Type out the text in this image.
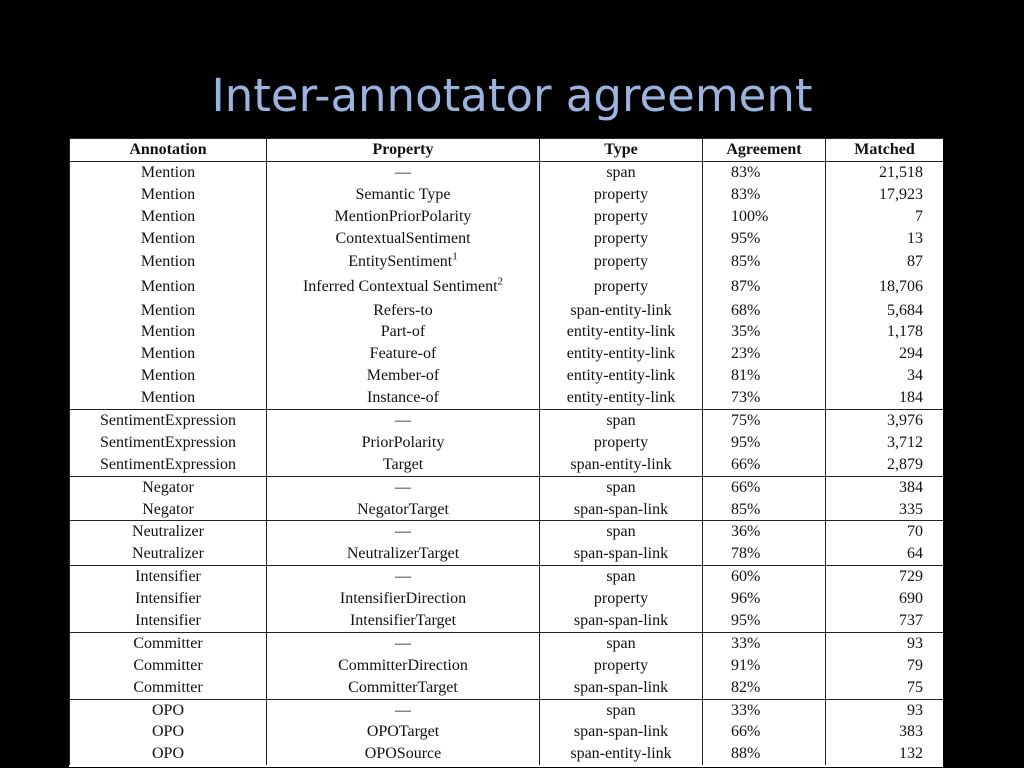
Inter-annotator agreement
Annotation	Property	Type	Agreement	Matched
Mention	—	span	83%	21,518
Mention	Semantic Type	property	83%	17,923
Mention	MentionPriorPolarity	property	100%	7
Mention	ContextualSentiment	property	95%	13
Mention	EntitySentiment$^1$	property	85%	87
Mention	Inferred Contextual Sentiment$^2$	property	87%	18,706
Mention	Refers-to	span-entity-link	68%	5,684
Mention	Part-of	entity-entity-link	35%	1,178
Mention	Feature-of	entity-entity-link	23%	294
Mention	Member-of	entity-entity-link	81%	34
Mention	Instance-of	entity-entity-link	73%	184
SentimentExpression	—	span	75%	3,976
SentimentExpression	PriorPolarity	property	95%	3,712
SentimentExpression	Target	span-entity-link	66%	2,879
Negator	—	span	66%	384
Negator	NegatorTarget	span-span-link	85%	335
Neutralizer	—	span	36%	70
Neutralizer	NeutralizerTarget	span-span-link	78%	64
Intensifier	—	span	60%	729
Intensifier	IntensifierDirection	property	96%	690
Intensifier	IntensifierTarget	span-span-link	95%	737
Committer	—	span	33%	93
Committer	CommitterDirection	property	91%	79
Committer	CommitterTarget	span-span-link	82%	75
OPO	—	span	33%	93
OPO	OPOTarget	span-span-link	66%	383
OPO	OPOSource	span-entity-link	88%	132
